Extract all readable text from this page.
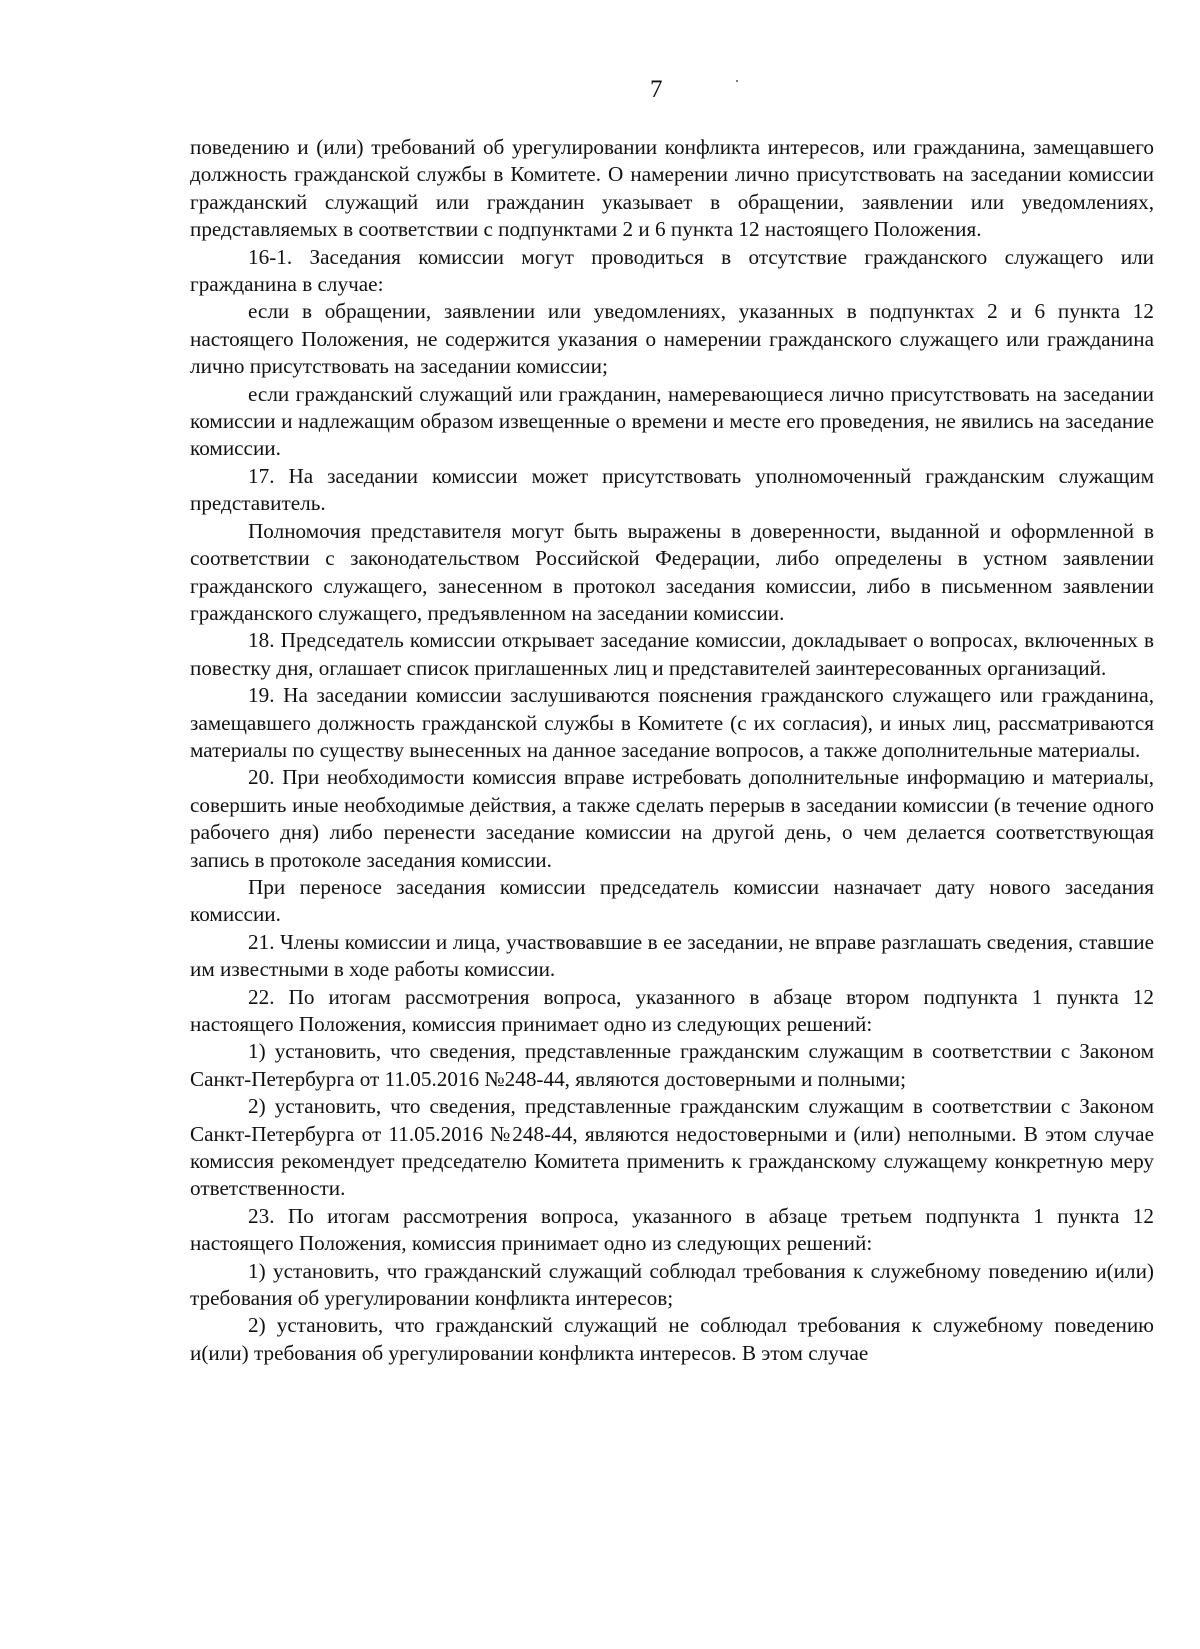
7

поведению и (или) требований об урегулировании конфликта интересов, или гражданина, замещавшего должность гражданской службы в Комитете. О намерении лично присутствовать на заседании комиссии гражданский служащий или гражданин указывает в обращении, заявлении или уведомлениях, представляемых в соответствии с подпунктами 2 и 6 пункта 12 настоящего Положения.

16-1. Заседания комиссии могут проводиться в отсутствие гражданского служащего или гражданина в случае:

если в обращении, заявлении или уведомлениях, указанных в подпунктах 2 и 6 пункта 12 настоящего Положения, не содержится указания о намерении гражданского служащего или гражданина лично присутствовать на заседании комиссии;

если гражданский служащий или гражданин, намеревающиеся лично присутствовать на заседании комиссии и надлежащим образом извещенные о времени и месте его проведения, не явились на заседание комиссии.

17. На заседании комиссии может присутствовать уполномоченный гражданским служащим представитель.

Полномочия представителя могут быть выражены в доверенности, выданной и оформленной в соответствии с законодательством Российской Федерации, либо определены в устном заявлении гражданского служащего, занесенном в протокол заседания комиссии, либо в письменном заявлении гражданского служащего, предъявленном на заседании комиссии.

18. Председатель комиссии открывает заседание комиссии, докладывает о вопросах, включенных в повестку дня, оглашает список приглашенных лиц и представителей заинтересованных организаций.

19. На заседании комиссии заслушиваются пояснения гражданского служащего или гражданина, замещавшего должность гражданской службы в Комитете (с их согласия), и иных лиц, рассматриваются материалы по существу вынесенных на данное заседание вопросов, а также дополнительные материалы.

20. При необходимости комиссия вправе истребовать дополнительные информацию и материалы, совершить иные необходимые действия, а также сделать перерыв в заседании комиссии (в течение одного рабочего дня) либо перенести заседание комиссии на другой день, о чем делается соответствующая запись в протоколе заседания комиссии.

При переносе заседания комиссии председатель комиссии назначает дату нового заседания комиссии.

21. Члены комиссии и лица, участвовавшие в ее заседании, не вправе разглашать сведения, ставшие им известными в ходе работы комиссии.

22. По итогам рассмотрения вопроса, указанного в абзаце втором подпункта 1 пункта 12 настоящего Положения, комиссия принимает одно из следующих решений:

1) установить, что сведения, представленные гражданским служащим в соответствии с Законом Санкт-Петербурга от 11.05.2016 №248-44, являются достоверными и полными;

2) установить, что сведения, представленные гражданским служащим в соответствии с Законом Санкт-Петербурга от 11.05.2016 №248-44, являются недостоверными и (или) неполными. В этом случае комиссия рекомендует председателю Комитета применить к гражданскому служащему конкретную меру ответственности.

23. По итогам рассмотрения вопроса, указанного в абзаце третьем подпункта 1 пункта 12 настоящего Положения, комиссия принимает одно из следующих решений:

1) установить, что гражданский служащий соблюдал требования к служебному поведению и(или) требования об урегулировании конфликта интересов;

2) установить, что гражданский служащий не соблюдал требования к служебному поведению и(или) требования об урегулировании конфликта интересов. В этом случае
